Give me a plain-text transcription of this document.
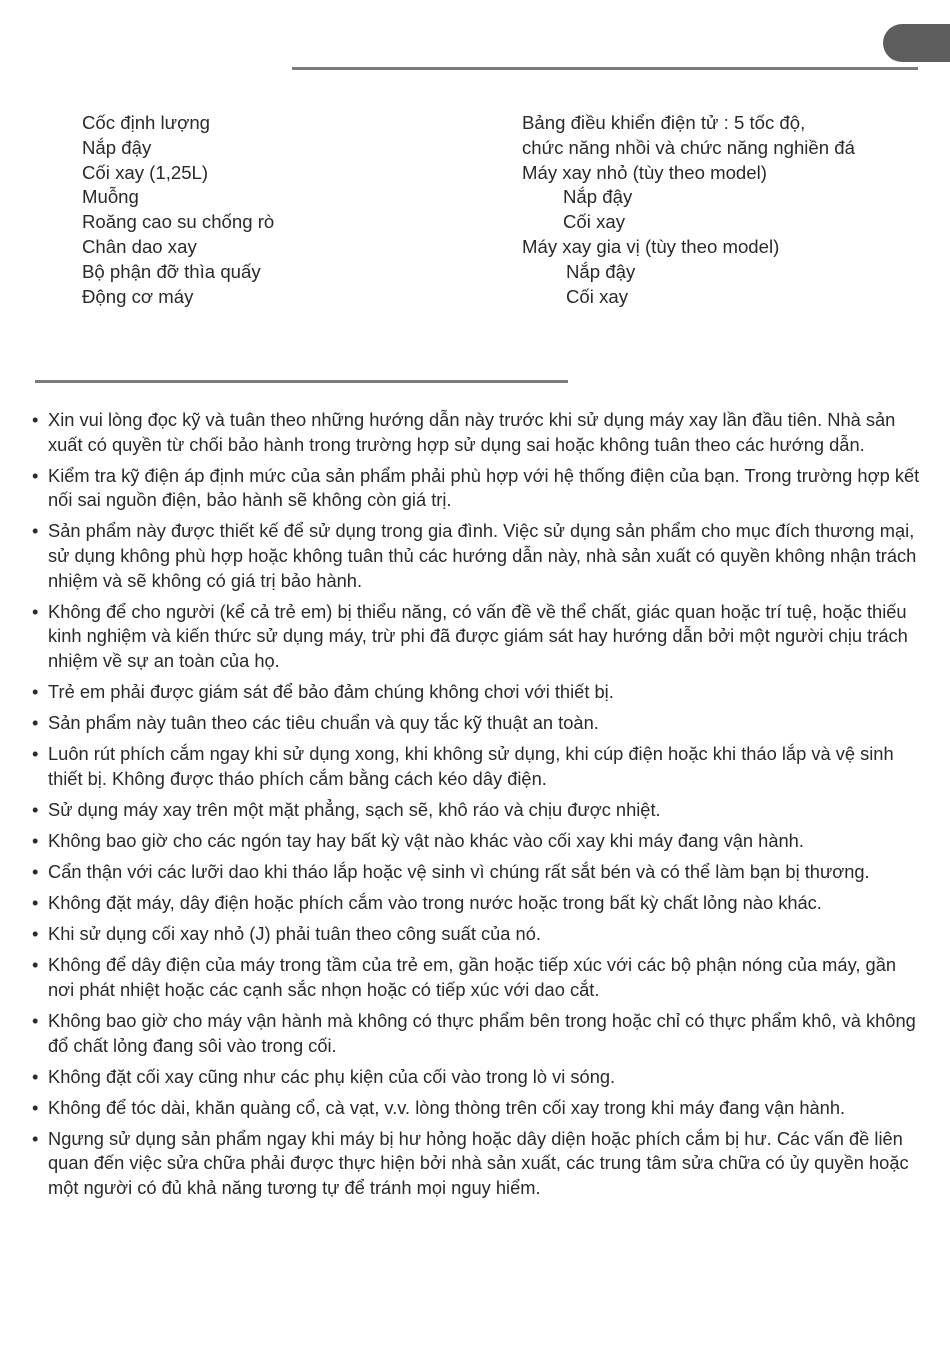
Cốc định lượng
Nắp đậy
Cối xay (1,25L)
Muỗng
Roăng cao su chống rò
Chân dao xay
Bộ phận đỡ thìa quấy
Động cơ máy
Bảng điều khiển điện tử : 5 tốc độ,
chức năng nhồi và chức năng nghiền đá
Máy xay nhỏ (tùy theo model)
Nắp đậy
Cối xay
Máy xay gia vị (tùy theo model)
Nắp đậy
Cối xay
• Xin vui lòng đọc kỹ và tuân theo những hướng dẫn này trước khi sử dụng máy xay lần đầu tiên. Nhà sản xuất có quyền từ chối bảo hành trong trường hợp sử dụng sai hoặc không tuân theo các hướng dẫn.
• Kiểm tra kỹ điện áp định mức của sản phẩm phải phù hợp với hệ thống điện của bạn. Trong trường hợp kết nối sai nguồn điện, bảo hành sẽ không còn giá trị.
• Sản phẩm này được thiết kế để sử dụng trong gia đình. Việc sử dụng sản phẩm cho mục đích thương mại, sử dụng không phù hợp hoặc không tuân thủ các hướng dẫn này, nhà sản xuất có quyền không nhận trách nhiệm và sẽ không có giá trị bảo hành.
• Không để cho người (kể cả trẻ em) bị thiểu năng, có vấn đề về thể chất, giác quan hoặc trí tuệ, hoặc thiếu kinh nghiệm và kiến thức sử dụng máy, trừ phi đã được giám sát hay hướng dẫn bởi một người chịu trách nhiệm về sự an toàn của họ.
• Trẻ em phải được giám sát để bảo đảm chúng không chơi với thiết bị.
• Sản phẩm này tuân theo các tiêu chuẩn và quy tắc kỹ thuật an toàn.
• Luôn rút phích cắm ngay khi sử dụng xong, khi không sử dụng, khi cúp điện hoặc khi tháo lắp và vệ sinh thiết bị. Không được tháo phích cắm bằng cách kéo dây điện.
• Sử dụng máy xay trên một mặt phẳng, sạch sẽ, khô ráo và chịu được nhiệt.
• Không bao giờ cho các ngón tay hay bất kỳ vật nào khác vào cối xay khi máy đang vận hành.
• Cẩn thận với các lưỡi dao khi tháo lắp hoặc vệ sinh vì chúng rất sắt bén và có thể làm bạn bị thương.
• Không đặt máy, dây điện hoặc phích cắm vào trong nước hoặc trong bất kỳ chất lỏng nào khác.
• Khi sử dụng cối xay nhỏ (J) phải tuân theo công suất của nó.
• Không để dây điện của máy trong tầm của trẻ em, gần hoặc tiếp xúc với các bộ phận nóng của máy, gần nơi phát nhiệt hoặc các cạnh sắc nhọn hoặc có tiếp xúc với dao cắt.
• Không bao giờ cho máy vận hành mà không có thực phẩm bên trong hoặc chỉ có thực phẩm khô, và không đổ chất lỏng đang sôi vào trong cối.
• Không đặt cối xay cũng như các phụ kiện của cối vào trong lò vi sóng.
• Không để tóc dài, khăn quàng cổ, cà vạt, v.v. lòng thòng trên cối xay trong khi máy đang vận hành.
• Ngưng sử dụng sản phẩm ngay khi máy bị hư hỏng hoặc dây diện hoặc phích cắm bị hư. Các vấn đề liên quan đến việc sửa chữa phải được thực hiện bởi nhà sản xuất, các trung tâm sửa chữa có ủy quyền hoặc một người có đủ khả năng tương tự để tránh mọi nguy hiểm.
